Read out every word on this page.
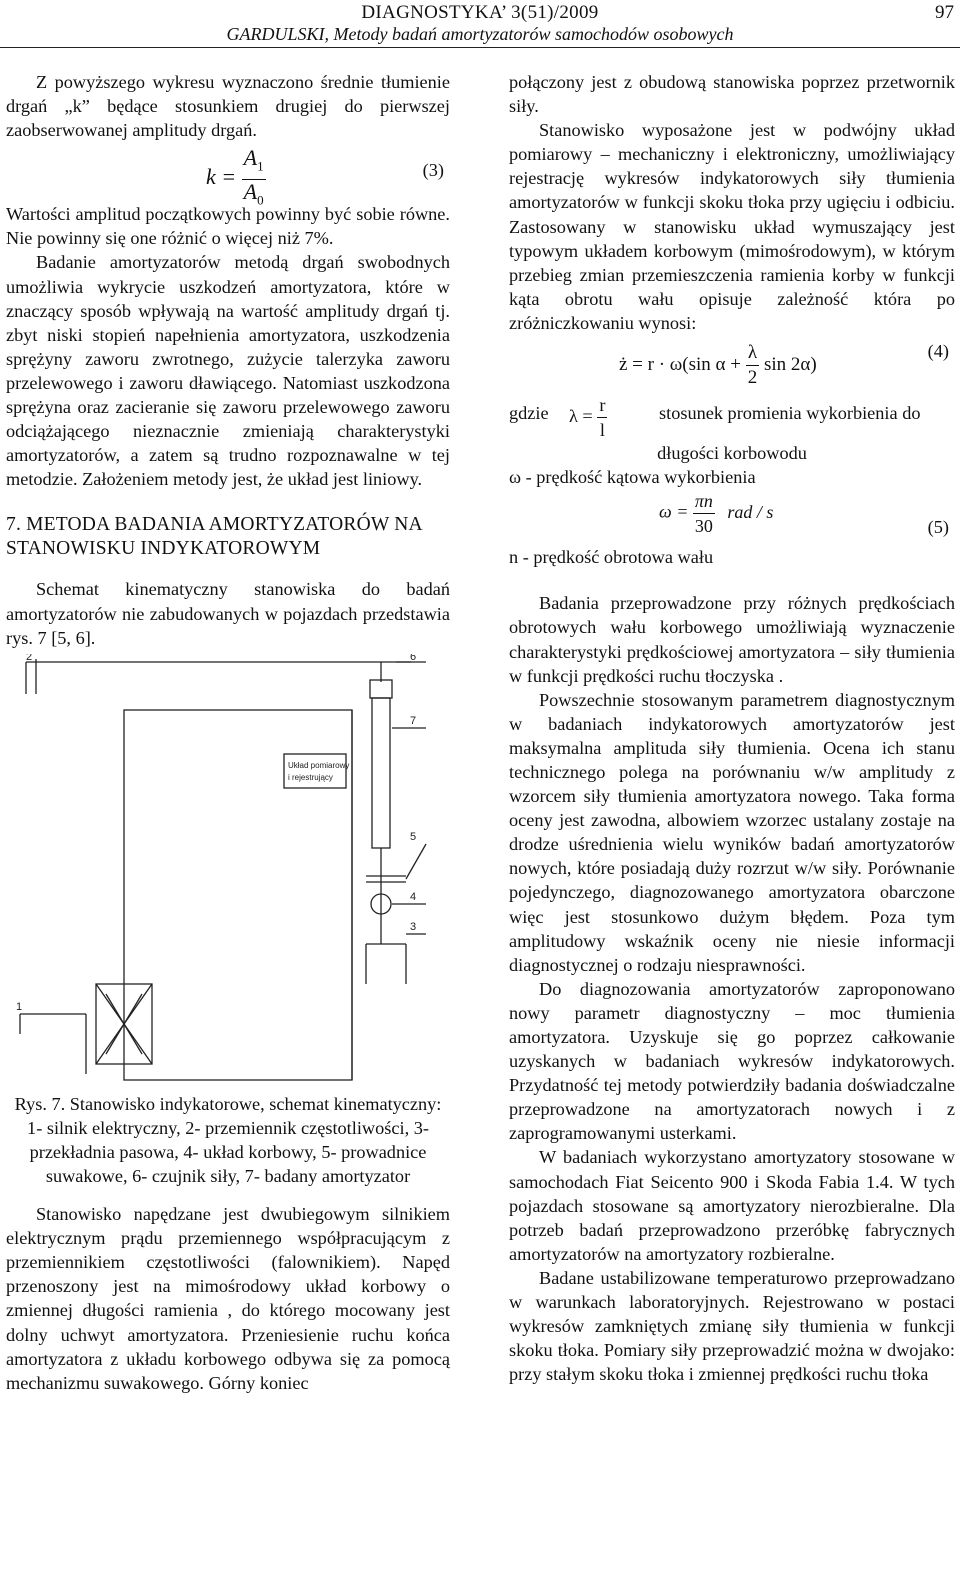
DIAGNOSTYKA’ 3(51)/2009
GARDULSKI, Metody badań amortyzatorów samochodów osobowych
97

Z powyższego wykresu wyznaczono średnie tłumienie drgań „k” będące stosunkiem drugiej do pierwszej zaobserwowanej amplitudy drgań.

$k = \frac{A_1}{A_0}$	(3)

Wartości amplitud początkowych powinny być sobie równe. Nie powinny się one różnić o więcej niż 7%.

Badanie amortyzatorów metodą drgań swobodnych umożliwia wykrycie uszkodzeń amortyzatora, które w znaczący sposób wpływają na wartość amplitudy drgań tj. zbyt niski stopień napełnienia amortyzatora, uszkodzenia sprężyny zaworu zwrotnego, zużycie talerzyka zaworu przelewowego i zaworu dławiącego. Natomiast uszkodzona sprężyna oraz zacieranie się zaworu przelewowego zaworu odciążającego nieznacznie zmieniają charakterystyki amortyzatorów, a zatem są trudno rozpoznawalne w tej metodzie. Założeniem metody jest, że układ jest liniowy.

7. METODA BADANIA AMORTYZATORÓW NA STANOWISKU INDYKATOROWYM

Schemat kinematyczny stanowiska do badań amortyzatorów nie zabudowanych w pojazdach przedstawia rys. 7 [5, 6].

2	6
7
5
4
3
1
Układ pomiarowy
i rejestrujący

Rys. 7. Stanowisko indykatorowe, schemat kinematyczny: 1- silnik elektryczny, 2- przemiennik częstotliwości, 3- przekładnia pasowa, 4- układ korbowy, 5- prowadnice suwakowe, 6- czujnik siły, 7- badany amortyzator

Stanowisko napędzane jest dwubiegowym silnikiem elektrycznym prądu przemiennego współpracującym z przemiennikiem częstotliwości (falownikiem). Napęd przenoszony jest na mimośrodowy układ korbowy o zmiennej długości ramienia , do którego mocowany jest dolny uchwyt amortyzatora. Przeniesienie ruchu końca amortyzatora z układu korbowego odbywa się za pomocą mechanizmu suwakowego. Górny koniec

połączony jest z obudową stanowiska poprzez przetwornik siły.

Stanowisko wyposażone jest w podwójny układ pomiarowy – mechaniczny i elektroniczny, umożliwiający rejestrację wykresów indykatorowych siły tłumienia amortyzatorów w funkcji skoku tłoka przy ugięciu i odbiciu. Zastosowany w stanowisku układ wymuszający jest typowym układem korbowym (mimośrodowym), w którym przebieg zmian przemieszczenia ramienia korby w funkcji kąta obrotu wału opisuje zależność która po zróżniczkowaniu wynosi:

ż = r · ω(sin $\alpha + \frac{\lambda}{2}$ sin 2α)
(4)
gdzie $\lambda = \frac{r}{l}$	stosunek promienia wykorbienia do

długości korbowodu

ω - prędkość kątowa wykorbienia

$\omega = \frac{\pi n}{30}$ rad / s
(5)

n - prędkość obrotowa wału

Badania przeprowadzone przy różnych prędkościach obrotowych wału korbowego umożliwiają wyznaczenie charakterystyki prędkościowej amortyzatora – siły tłumienia w funkcji prędkości ruchu tłoczyska .

Powszechnie stosowanym parametrem diagnostycznym w badaniach indykatorowych amortyzatorów jest maksymalna amplituda siły tłumienia. Ocena ich stanu technicznego polega na porównaniu w/w amplitudy z wzorcem siły tłumienia amortyzatora nowego. Taka forma oceny jest zawodna, albowiem wzorzec ustalany zostaje na drodze uśrednienia wielu wyników badań amortyzatorów nowych, które posiadają duży rozrzut w/w siły. Porównanie pojedynczego, diagnozowanego amortyzatora obarczone więc jest stosunkowo dużym błędem. Poza tym amplitudowy wskaźnik oceny nie niesie informacji diagnostycznej o rodzaju niesprawności.

Do diagnozowania amortyzatorów zaproponowano nowy parametr diagnostyczny – moc tłumienia amortyzatora. Uzyskuje się go poprzez całkowanie uzyskanych w badaniach wykresów indykatorowych. Przydatność tej metody potwierdziły badania doświadczalne przeprowadzone na amortyzatorach nowych i z zaprogramowanymi usterkami.

W badaniach wykorzystano amortyzatory stosowane w samochodach Fiat Seicento 900 i Skoda Fabia 1.4. W tych pojazdach stosowane są amortyzatory nierozbieralne. Dla potrzeb badań przeprowadzono przeróbkę fabrycznych amortyzatorów na amortyzatory rozbieralne.

Badane ustabilizowane temperaturowo przeprowadzano w warunkach laboratoryjnych. Rejestrowano w postaci wykresów zamkniętych zmianę siły tłumienia w funkcji skoku tłoka. Pomiary siły przeprowadzić można w dwojako: przy stałym skoku tłoka i zmiennej prędkości ruchu tłoka
